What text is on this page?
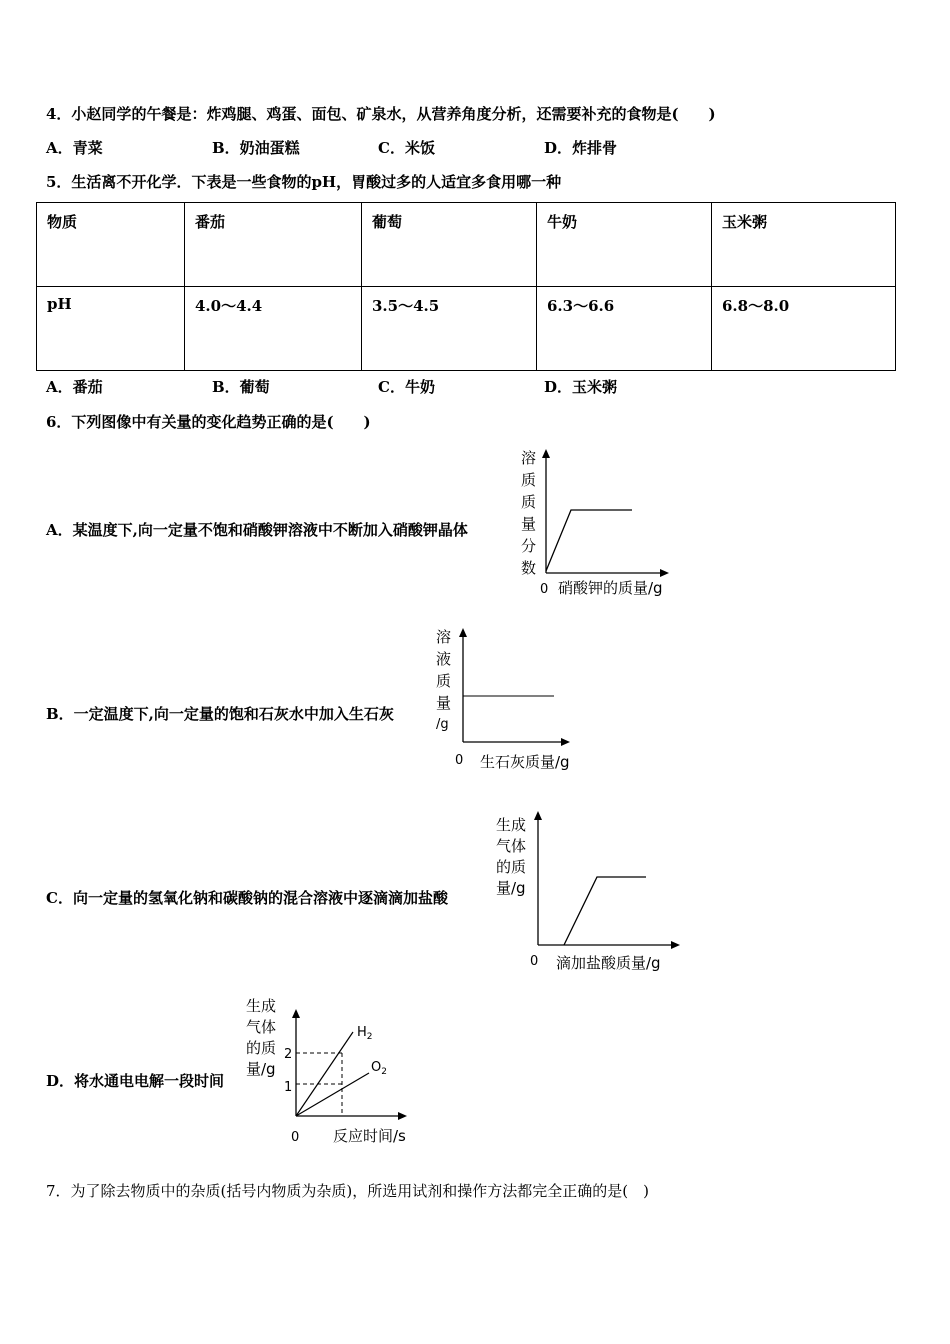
4．小赵同学的午餐是：炸鸡腿、鸡蛋、面包、矿泉水，从营养角度分析，还需要补充的食物是(　　)
A．青菜	B．奶油蛋糕	C．米饭	D．炸排骨
5．生活离不开化学．下表是一些食物的pH，胃酸过多的人适宜多食用哪一种
物质	番茄	葡萄	牛奶	玉米粥
pH	4.0～4.4	3.5～4.5	6.3～6.6	6.8～8.0
A．番茄	B．葡萄	C．牛奶	D．玉米粥
6．下列图像中有关量的变化趋势正确的是(　　)
A．某温度下,向一定量不饱和硝酸钾溶液中不断加入硝酸钾晶体
溶
质
质
量
分
数
0 硝酸钾的质量/g
B．一定温度下,向一定量的饱和石灰水中加入生石灰
溶
液
质
量
/g
0 生石灰质量/g
C．向一定量的氢氧化钠和碳酸钠的混合溶液中逐滴滴加盐酸
生成
气体
的质
量/g
0 滴加盐酸质量/g
D．将水通电电解一段时间
生成
气体
的质
量/g
0 反应时间/s
2
1
$H_2$
$O_2$
7．为了除去物质中的杂质(括号内物质为杂质)，所选用试剂和操作方法都完全正确的是(　)
